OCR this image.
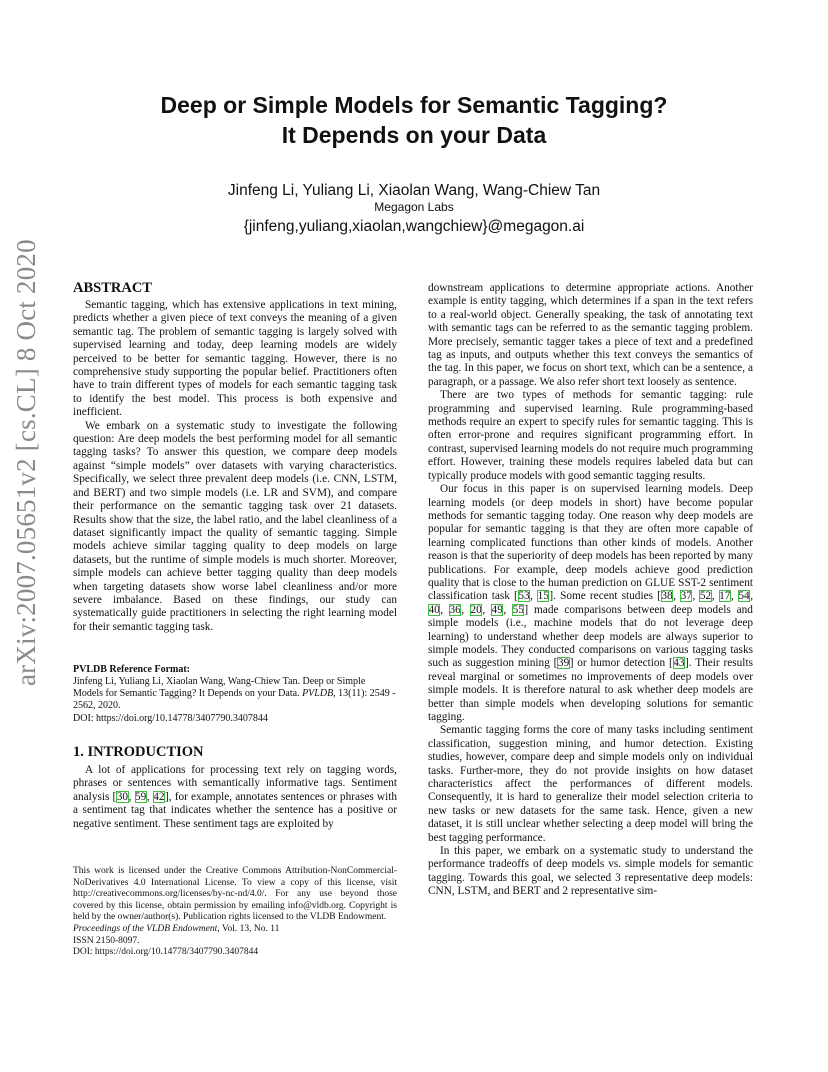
Deep or Simple Models for Semantic Tagging?
It Depends on your Data
Jinfeng Li, Yuliang Li, Xiaolan Wang, Wang-Chiew Tan
Megagon Labs
{jinfeng,yuliang,xiaolan,wangchiew}@megagon.ai
arXiv:2007.05651v2 [cs.CL] 8 Oct 2020	ABSTRACT

Semantic tagging, which has extensive applications in text mining, predicts whether a given piece of text conveys the meaning of a given semantic tag. The problem of semantic tagging is largely solved with supervised learning and today, deep learning models are widely perceived to be better for semantic tagging. However, there is no comprehensive study supporting the popular belief. Practitioners often have to train different types of models for each semantic tagging task to identify the best model. This process is both expensive and inefficient.

We embark on a systematic study to investigate the following question: Are deep models the best performing model for all semantic tagging tasks? To answer this question, we compare deep models against “simple models” over datasets with varying characteristics. Specifically, we select three prevalent deep models (i.e. CNN, LSTM, and BERT) and two simple models (i.e. LR and SVM), and compare their performance on the semantic tagging task over 21 datasets. Results show that the size, the label ratio, and the label cleanliness of a dataset significantly impact the quality of semantic tagging. Simple models achieve similar tagging quality to deep models on large datasets, but the runtime of simple models is much shorter. Moreover, simple models can achieve better tagging quality than deep models when targeting datasets show worse label cleanliness and/or more severe imbalance. Based on these findings, our study can systematically guide practitioners in selecting the right learning model for their semantic tagging task.

PVLDB Reference Format:

Jinfeng Li, Yuliang Li, Xiaolan Wang, Wang-Chiew Tan. Deep or Simple Models for Semantic Tagging? It Depends on your Data. PVLDB, 13(11): 2549 - 2562, 2020.

DOI: https://doi.org/10.14778/3407790.3407844

1. INTRODUCTION

A lot of applications for processing text rely on tagging words, phrases or sentences with semantically informative tags. Sentiment analysis [30, 59, 42], for example, annotates sentences or phrases with a sentiment tag that indicates whether the sentence has a positive or negative sentiment. These sentiment tags are exploited by

This work is licensed under the Creative Commons Attribution-NonCommercial-NoDerivatives 4.0 International License. To view a copy of this license, visit http://creativecommons.org/licenses/by-nc-nd/4.0/. For any use beyond those covered by this license, obtain permission by emailing info@vldb.org. Copyright is held by the owner/author(s). Publication rights licensed to the VLDB Endowment.

Proceedings of the VLDB Endowment, Vol. 13, No. 11

ISSN 2150-8097.

DOI: https://doi.org/10.14778/3407790.3407844

downstream applications to determine appropriate actions. Another example is entity tagging, which determines if a span in the text refers to a real-world object. Generally speaking, the task of annotating text with semantic tags can be referred to as the semantic tagging problem. More precisely, semantic tagger takes a piece of text and a predefined tag as inputs, and outputs whether this text conveys the semantics of the tag. In this paper, we focus on short text, which can be a sentence, a paragraph, or a passage. We also refer short text loosely as sentence.

There are two types of methods for semantic tagging: rule programming and supervised learning. Rule programming-based methods require an expert to specify rules for semantic tagging. This is often error-prone and requires significant programming effort. In contrast, supervised learning models do not require much programming effort. However, training these models requires labeled data but can typically produce models with good semantic tagging results.

Our focus in this paper is on supervised learning models. Deep learning models (or deep models in short) have become popular methods for semantic tagging today. One reason why deep models are popular for semantic tagging is that they are often more capable of learning complicated functions than other kinds of models. Another reason is that the superiority of deep models has been reported by many publications. For example, deep models achieve good prediction quality that is close to the human prediction on GLUE SST-2 sentiment classification task [53, 15]. Some recent studies [38, 37, 52, 17, 54, 40, 36, 20, 49, 55] made comparisons between deep models and simple models (i.e., machine models that do not leverage deep learning) to understand whether deep models are always superior to simple models. They conducted comparisons on various tagging tasks such as suggestion mining [39] or humor detection [43]. Their results reveal marginal or sometimes no improvements of deep models over simple models. It is therefore natural to ask whether deep models are better than simple models when developing solutions for semantic tagging.

Semantic tagging forms the core of many tasks including sentiment classification, suggestion mining, and humor detection. Existing studies, however, compare deep and simple models only on individual tasks. Further-more, they do not provide insights on how dataset characteristics affect the performances of different models. Consequently, it is hard to generalize their model selection criteria to new tasks or new datasets for the same task. Hence, given a new dataset, it is still unclear whether selecting a deep model will bring the best tagging performance.

In this paper, we embark on a systematic study to understand the performance tradeoffs of deep models vs. simple models for semantic tagging. Towards this goal, we selected 3 representative deep models: CNN, LSTM, and BERT and 2 representative sim-
